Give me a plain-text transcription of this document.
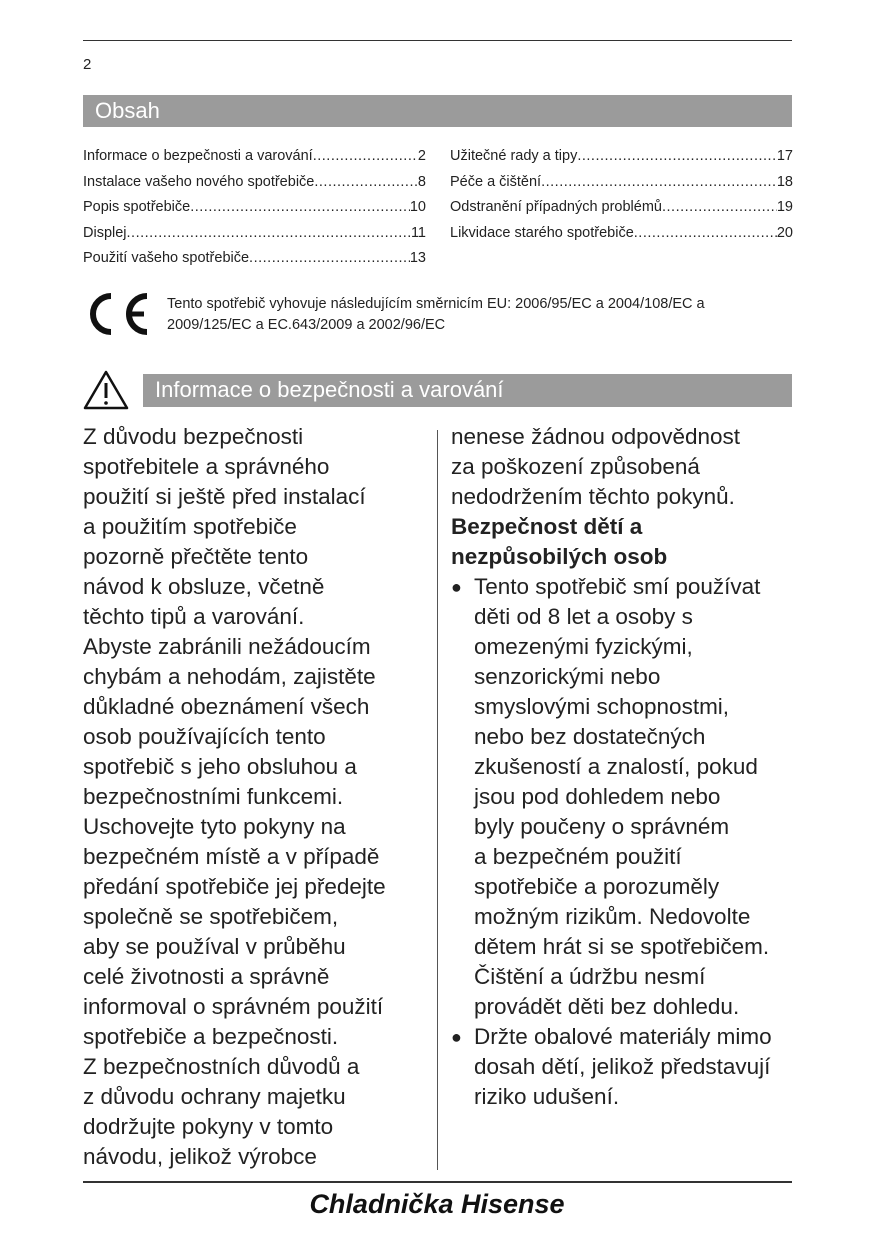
2
Obsah
Informace o bezpečnosti a varování .....	2
Instalace vašeho nového spotřebiče .....	8
Popis spotřebiče .....	10
Displej .....	11
Použití vašeho spotřebiče .....	13
Užitečné rady a tipy .....	17
Péče a čištění .....	18
Odstranění případných problémů .....	19
Likvidace starého spotřebiče .....	20
Tento spotřebič vyhovuje následujícím směrnicím EU: 2006/95/EC a 2004/108/EC a
2009/125/EC a EC.643/2009 a 2002/96/EC
Informace o bezpečnosti a varování
Z důvodu bezpečnosti
spotřebitele a správného
použití si ještě před instalací
a použitím spotřebiče
pozorně přečtěte tento
návod k obsluze, včetně
těchto tipů a varování.
Abyste zabránili nežádoucím
chybám a nehodám, zajistěte
důkladné obeznámení všech
osob používajících tento
spotřebič s jeho obsluhou a
bezpečnostními funkcemi.
Uschovejte tyto pokyny na
bezpečném místě a v případě
předání spotřebiče jej předejte
společně se spotřebičem,
aby se používal v průběhu
celé životnosti a správně
informoval o správném použití
spotřebiče a bezpečnosti.
Z bezpečnostních důvodů a
z důvodu ochrany majetku
dodržujte pokyny v tomto
návodu, jelikož výrobce
nenese žádnou odpovědnost
za poškození způsobená
nedodržením těchto pokynů.
Bezpečnost dětí a
nezpůsobilých osob
● Tento spotřebič smí používat
děti od 8 let a osoby s
omezenými fyzickými,
senzorickými nebo
smyslovými schopnostmi,
nebo bez dostatečných
zkušeností a znalostí, pokud
jsou pod dohledem nebo
byly poučeny o správném
a bezpečném použití
spotřebiče a porozuměly
možným rizikům. Nedovolte
dětem hrát si se spotřebičem.
Čištění a údržbu nesmí
provádět děti bez dohledu.
● Držte obalové materiály mimo
dosah dětí, jelikož představují
riziko udušení.
Chladnička Hisense
